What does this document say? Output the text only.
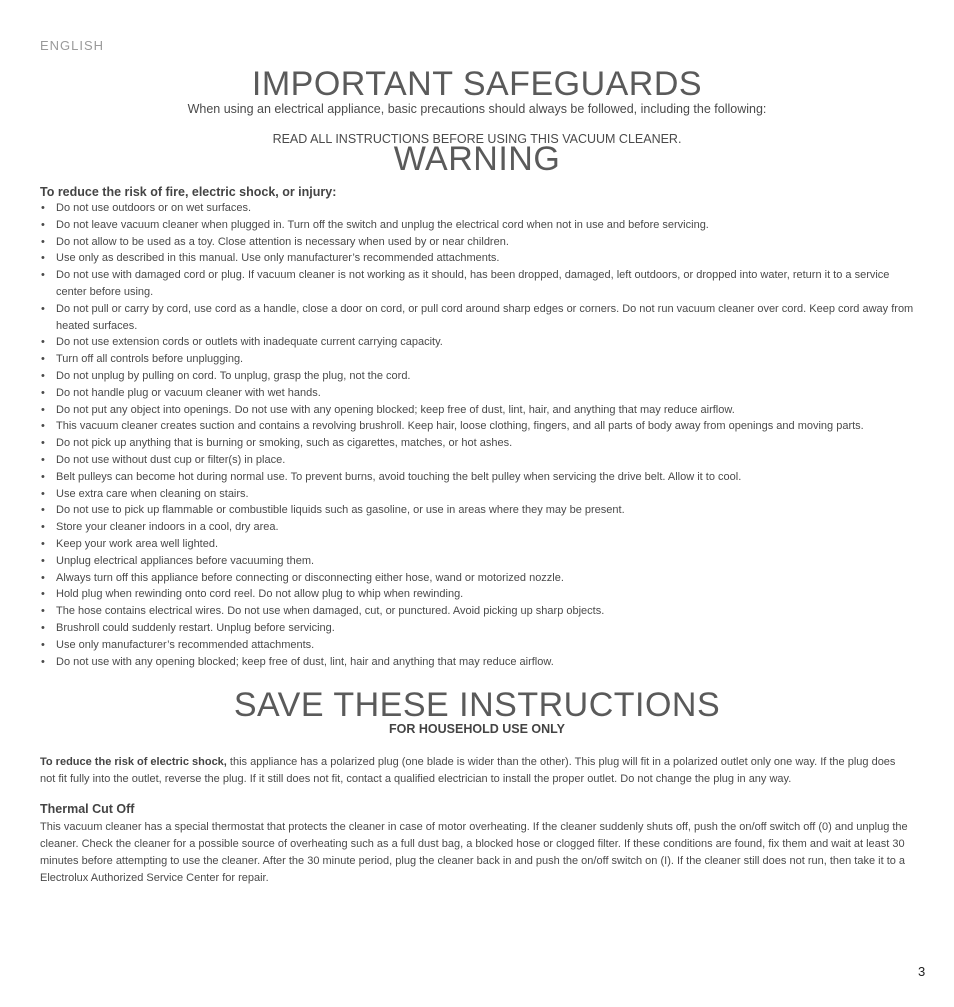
ENGLISH
IMPORTANT SAFEGUARDS
When using an electrical appliance, basic precautions should always be followed, including the following:
READ ALL INSTRUCTIONS BEFORE USING THIS VACUUM CLEANER.
WARNING
To reduce the risk of fire, electric shock, or injury:
• Do not use outdoors or on wet surfaces.
• Do not leave vacuum cleaner when plugged in. Turn off the switch and unplug the electrical cord when not in use and before servicing.
• Do not allow to be used as a toy. Close attention is necessary when used by or near children.
• Use only as described in this manual. Use only manufacturer’s recommended attachments.
• Do not use with damaged cord or plug. If vacuum cleaner is not working as it should, has been dropped, damaged, left outdoors, or dropped into water, return it to a service center before using.
• Do not pull or carry by cord, use cord as a handle, close a door on cord, or pull cord around sharp edges or corners. Do not run vacuum cleaner over cord. Keep cord away from heated surfaces.
• Do not use extension cords or outlets with inadequate current carrying capacity.
• Turn off all controls before unplugging.
• Do not unplug by pulling on cord. To unplug, grasp the plug, not the cord.
• Do not handle plug or vacuum cleaner with wet hands.
• Do not put any object into openings. Do not use with any opening blocked; keep free of dust, lint, hair, and anything that may reduce airflow.
• This vacuum cleaner creates suction and contains a revolving brushroll. Keep hair, loose clothing, fingers, and all parts of body away from openings and moving parts.
• Do not pick up anything that is burning or smoking, such as cigarettes, matches, or hot ashes.
• Do not use without dust cup or filter(s) in place.
• Belt pulleys can become hot during normal use. To prevent burns, avoid touching the belt pulley when servicing the drive belt. Allow it to cool.
• Use extra care when cleaning on stairs.
• Do not use to pick up flammable or combustible liquids such as gasoline, or use in areas where they may be present.
• Store your cleaner indoors in a cool, dry area.
• Keep your work area well lighted.
• Unplug electrical appliances before vacuuming them.
• Always turn off this appliance before connecting or disconnecting either hose, wand or motorized nozzle.
• Hold plug when rewinding onto cord reel. Do not allow plug to whip when rewinding.
• The hose contains electrical wires. Do not use when damaged, cut, or punctured. Avoid picking up sharp objects.
• Brushroll could suddenly restart. Unplug before servicing.
• Use only manufacturer’s recommended attachments.
• Do not use with any opening blocked; keep free of dust, lint, hair and anything that may reduce airflow.
SAVE THESE INSTRUCTIONS
FOR HOUSEHOLD USE ONLY
To reduce the risk of electric shock, this appliance has a polarized plug (one blade is wider than the other). This plug will fit in a polarized outlet only one way. If the plug does not fit fully into the outlet, reverse the plug. If it still does not fit, contact a qualified electrician to install the proper outlet. Do not change the plug in any way.
Thermal Cut Off
This vacuum cleaner has a special thermostat that protects the cleaner in case of motor overheating. If the cleaner suddenly shuts off, push the on/off switch off (0) and unplug the cleaner. Check the cleaner for a possible source of overheating such as a full dust bag, a blocked hose or clogged filter. If these conditions are found, fix them and wait at least 30 minutes before attempting to use the cleaner. After the 30 minute period, plug the cleaner back in and push the on/off switch on (I). If the cleaner still does not run, then take it to a Electrolux Authorized Service Center for repair.
3
